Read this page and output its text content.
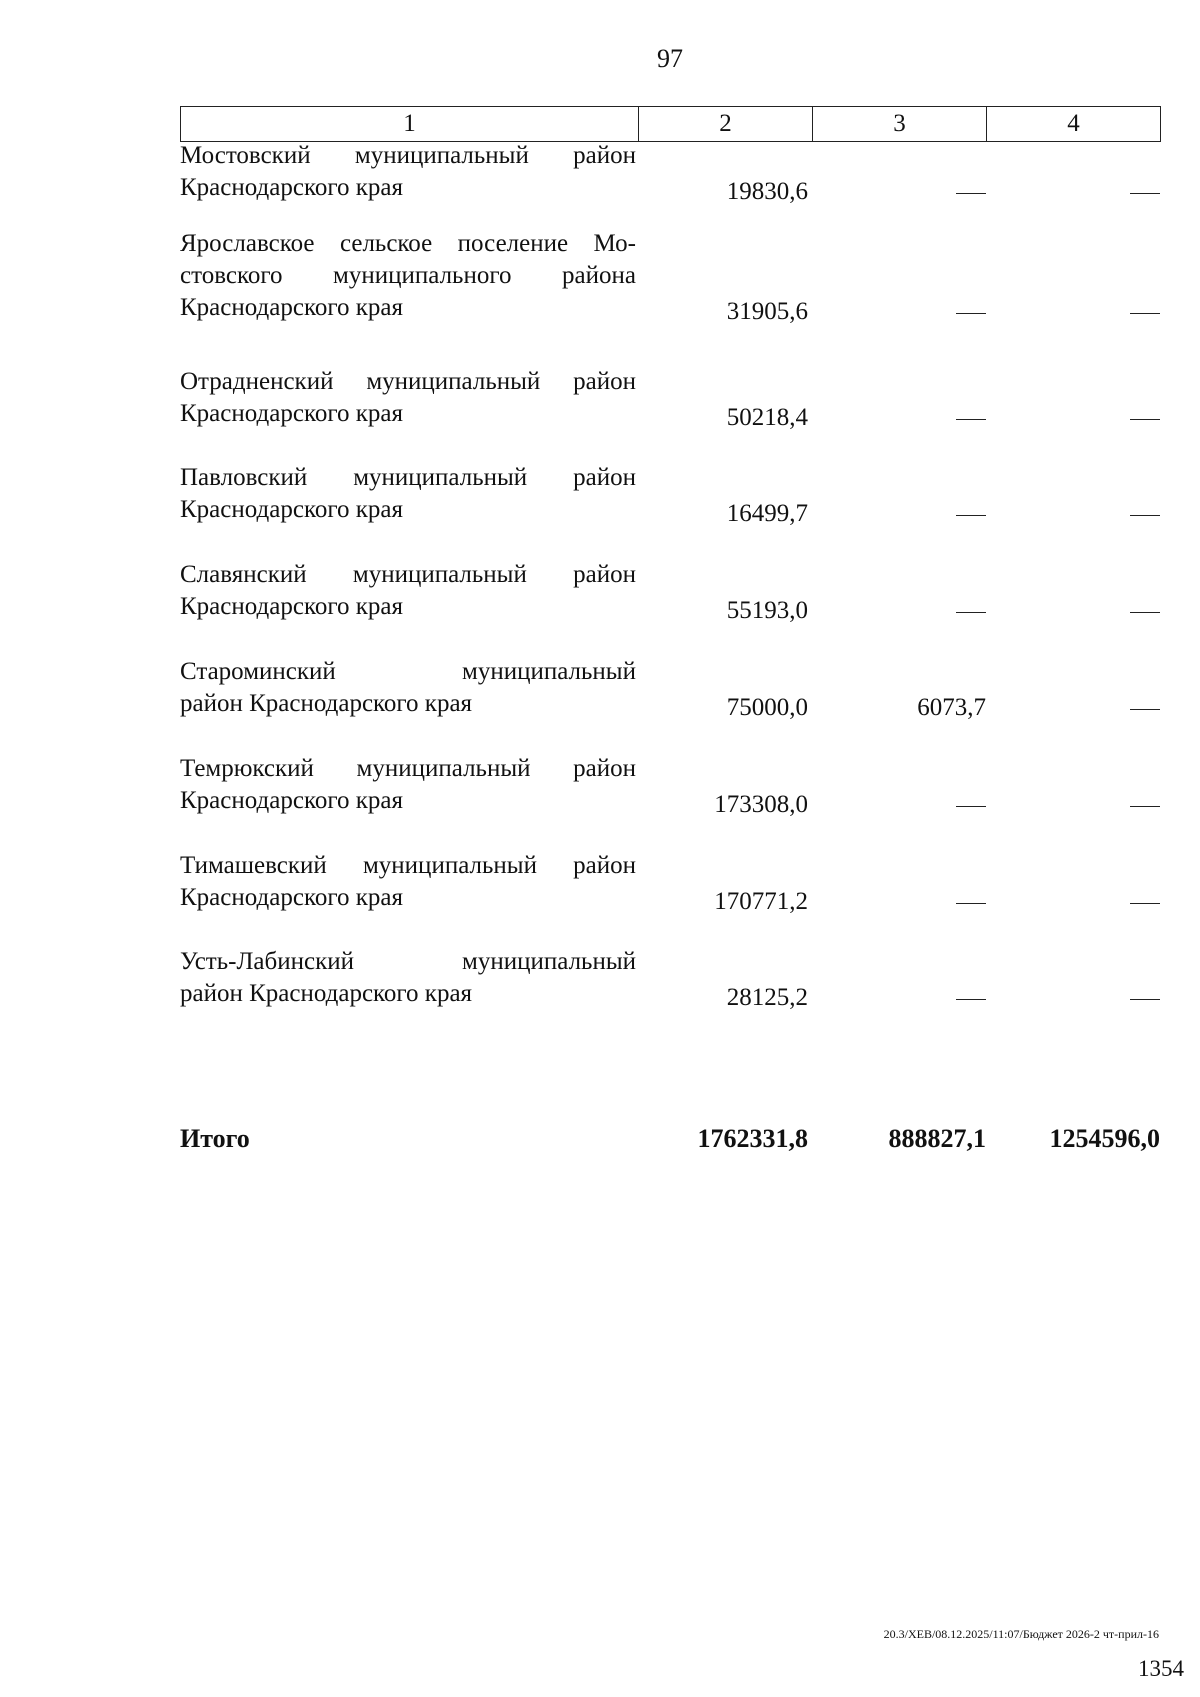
97
1	2	3	4
Мостовский муниципальный район
Краснодарского края	19830,6
Ярославское сельское поселение Мо-
стовского муниципального района
Краснодарского края	31905,6
Отрадненский муниципальный район
Краснодарского края	50218,4
Павловский муниципальный район
Краснодарского края	16499,7
Славянский муниципальный район
Краснодарского края	55193,0
Староминский муниципальный
район Краснодарского края	75000,0	6073,7
Темрюкский муниципальный район
Краснодарского края	173308,0
Тимашевский муниципальный район
Краснодарского края	170771,2
Усть-Лабинский муниципальный
район Краснодарского края	28125,2
Итого	1762331,8	888827,1 1254596,0
20.3/ХЕВ/08.12.2025/11:07/Бюджет 2026-2 чт-прил-16
1354
